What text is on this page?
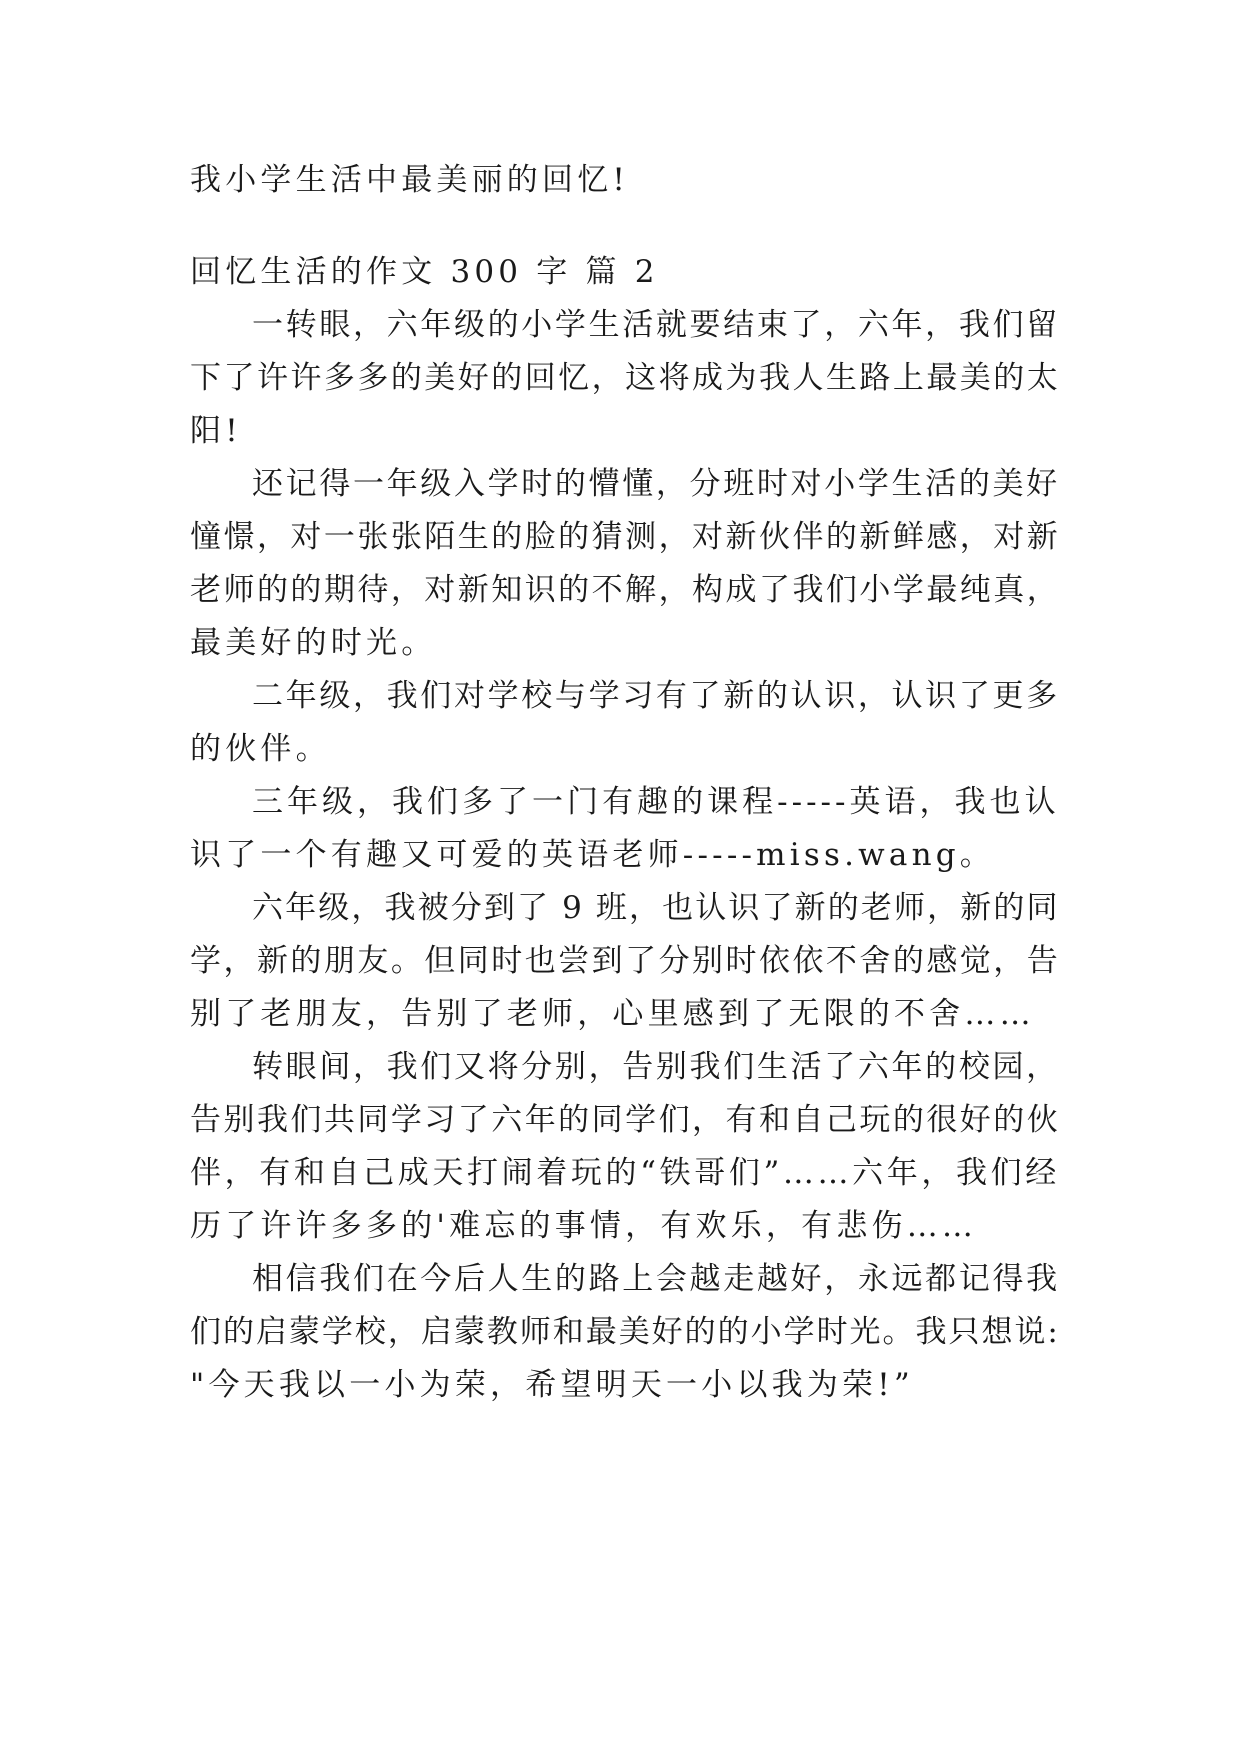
我小学生活中最美丽的回忆!

回忆生活的作文 300 字 篇 2

一转眼，六年级的小学生活就要结束了，六年，我们留

下了许许多多的美好的回忆，这将成为我人生路上最美的太

阳!

还记得一年级入学时的懵懂，分班时对小学生活的美好

憧憬，对一张张陌生的脸的猜测，对新伙伴的新鲜感，对新

老师的的期待，对新知识的不解，构成了我们小学最纯真，

最美好的时光。

二年级，我们对学校与学习有了新的认识，认识了更多

的伙伴。

三年级，我们多了一门有趣的课程-----英语，我也认

识了一个有趣又可爱的英语老师-----miss.wang。

六年级，我被分到了 9 班，也认识了新的老师，新的同

学，新的朋友。但同时也尝到了分别时依依不舍的感觉，告

别了老朋友，告别了老师，心里感到了无限的不舍……

转眼间，我们又将分别，告别我们生活了六年的校园，

告别我们共同学习了六年的同学们，有和自己玩的很好的伙

伴，有和自己成天打闹着玩的“铁哥们”……六年，我们经

历了许许多多的'难忘的事情，有欢乐，有悲伤……

相信我们在今后人生的路上会越走越好，永远都记得我

们的启蒙学校，启蒙教师和最美好的的小学时光。我只想说:

"今天我以一小为荣，希望明天一小以我为荣!”
